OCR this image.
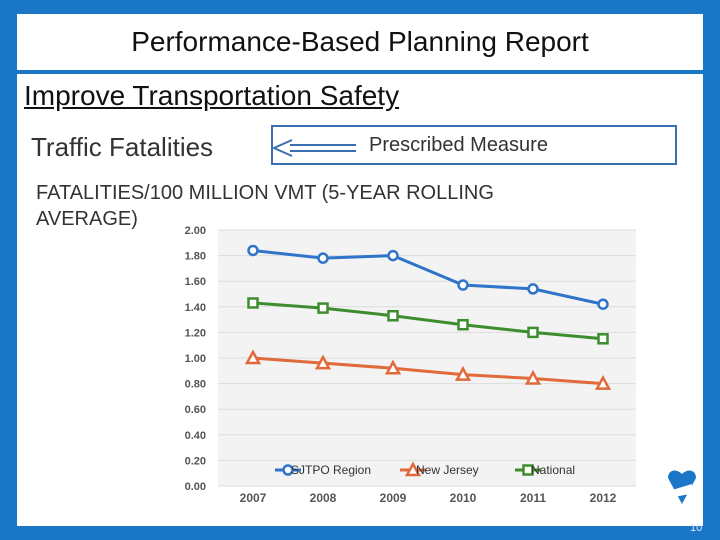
Performance-Based Planning Report
Improve Transportation Safety
Traffic Fatalities	Prescribed Measure
FATALITIES/100 MILLION VMT (5-YEAR ROLLING
AVERAGE)
0.00
0.20
0.40
0.60
0.80
1.00
1.20
1.40
1.60
1.80
2.00
2007	2008	2009	2010	2011	2012
SJTPO Region	New Jersey	National
10
